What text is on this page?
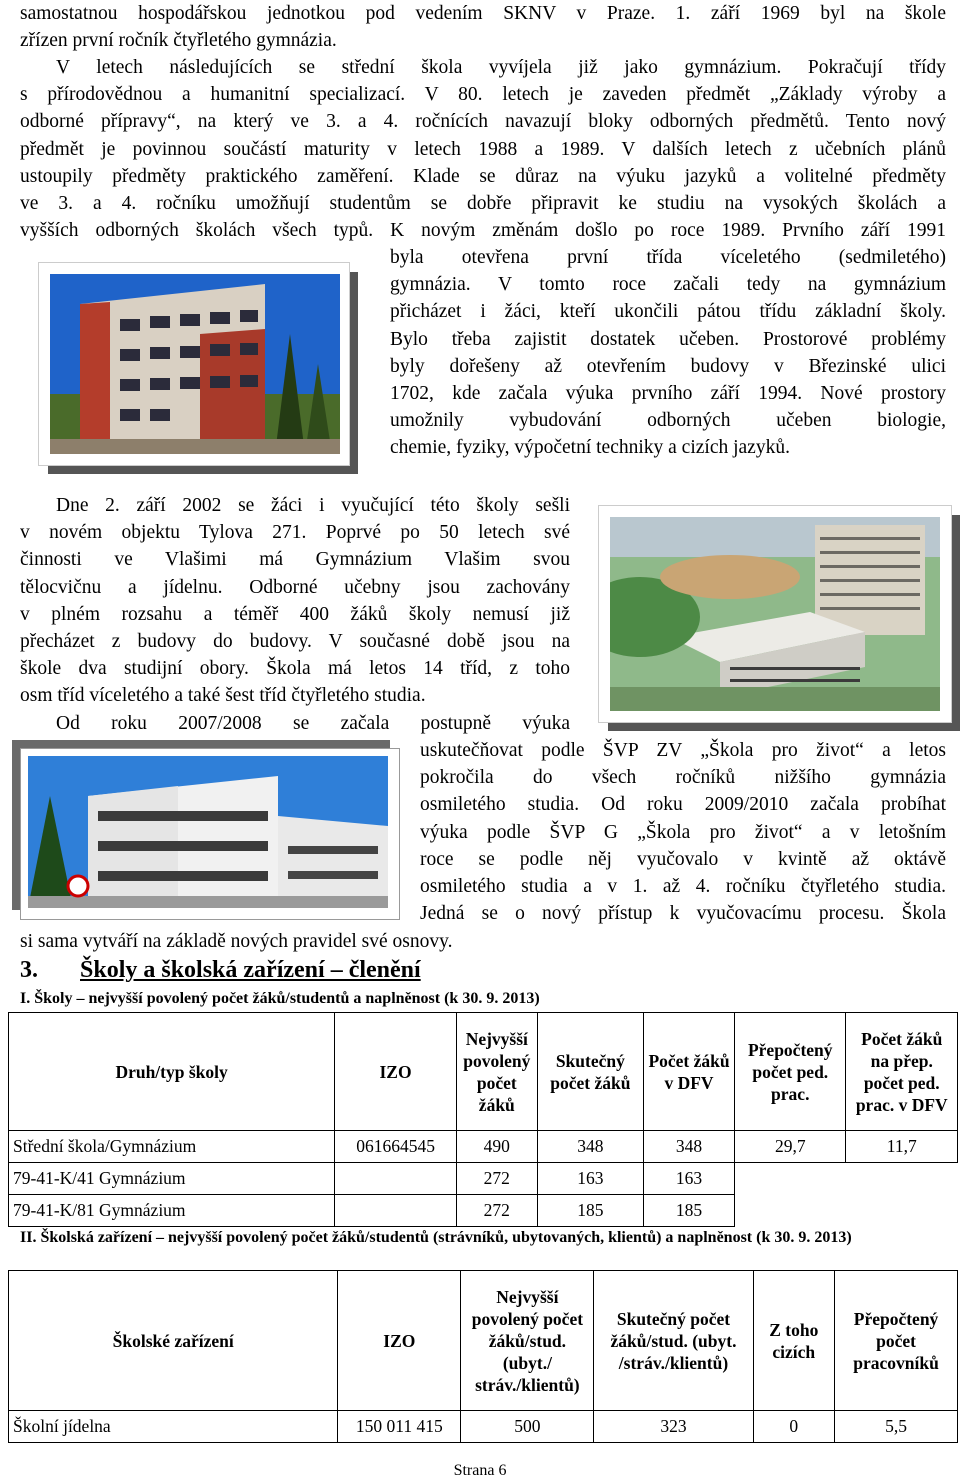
samostatnou hospodářskou jednotkou pod vedením SKNV v Praze. 1. září 1969 byl na škole
zřízen první ročník čtyřletého gymnázia.
V letech následujících se střední škola vyvíjela již jako gymnázium. Pokračují třídy
s přírodovědnou a humanitní specializací. V 80. letech je zaveden předmět „Základy výroby a
odborné přípravy“, na který ve 3. a 4. ročnících navazují bloky odborných předmětů. Tento nový
předmět je povinnou součástí maturity v letech 1988 a 1989. V dalších letech z učebních plánů
ustoupily předměty praktického zaměření. Klade se důraz na výuku jazyků a volitelné předměty
ve 3. a 4. ročníku umožňují studentům se dobře připravit ke studiu na vysokých školách a
vyšších odborných školách všech typů. K novým změnám došlo po roce 1989. Prvního září 1991
byla otevřena první třída víceletého (sedmiletého)
gymnázia. V tomto roce začali tedy na gymnázium
přicházet i žáci, kteří ukončili pátou třídu základní školy.
Bylo třeba zajistit dostatek učeben. Prostorové problémy
byly dořešeny až otevřením budovy v Březinské ulici
1702, kde začala výuka prvního září 1994. Nové prostory
umožnily vybudování odborných učeben biologie,
chemie, fyziky, výpočetní techniky a cizích jazyků.
Dne 2. září 2002 se žáci i vyučující této školy sešli
v novém objektu Tylova 271. Poprvé po 50 letech své
činnosti ve Vlašimi má Gymnázium Vlašim svou
tělocvičnu a jídelnu. Odborné učebny jsou zachovány
v plném rozsahu a téměř 400 žáků školy nemusí již
přecházet z budovy do budovy. V současné době jsou na
škole dva studijní obory. Škola má letos 14 tříd, z toho
osm tříd víceletého a také šest tříd čtyřletého studia.
Od roku 2007/2008 se začala postupně výuka
uskutečňovat podle ŠVP ZV „Škola pro život“ a letos
pokročila do všech ročníků nižšího gymnázia
osmiletého studia. Od roku 2009/2010 začala probíhat
výuka podle ŠVP G „Škola pro život“ a v letošním
roce se podle něj vyučovalo v kvintě až oktávě
osmiletého studia a v 1. až 4. ročníku čtyřletého studia.
Jedná se o nový přístup k vyučovacímu procesu. Škola
si sama vytváří na základě nových pravidel své osnovy.
3. Školy a školská zařízení – členění
I. Školy – nejvyšší povolený počet žáků/studentů a naplněnost (k 30. 9. 2013)
Druh/typ školy	IZO	Nejvyšší povolený počet žáků	Skutečný počet žáků	Počet žáků v DFV	Přepočtený počet ped. prac.	Počet žáků na přep. počet ped. prac. v DFV
Střední škola/Gymnázium	061664545	490	348	348	29,7	11,7
79-41-K/41 Gymnázium		272	163	163		
79-41-K/81 Gymnázium		272	185	185		
II. Školská zařízení – nejvyšší povolený počet žáků/studentů (strávníků, ubytovaných, klientů) a naplněnost (k 30. 9. 2013)
Školské zařízení	IZO	Nejvyšší povolený počet žáků/stud. (ubyt./ stráv./klientů)	Skutečný počet žáků/stud. (ubyt. /stráv./klientů)	Z toho cizích	Přepočtený počet pracovníků
Školní jídelna	150 011 415	500	323	0	5,5
Strana 6
